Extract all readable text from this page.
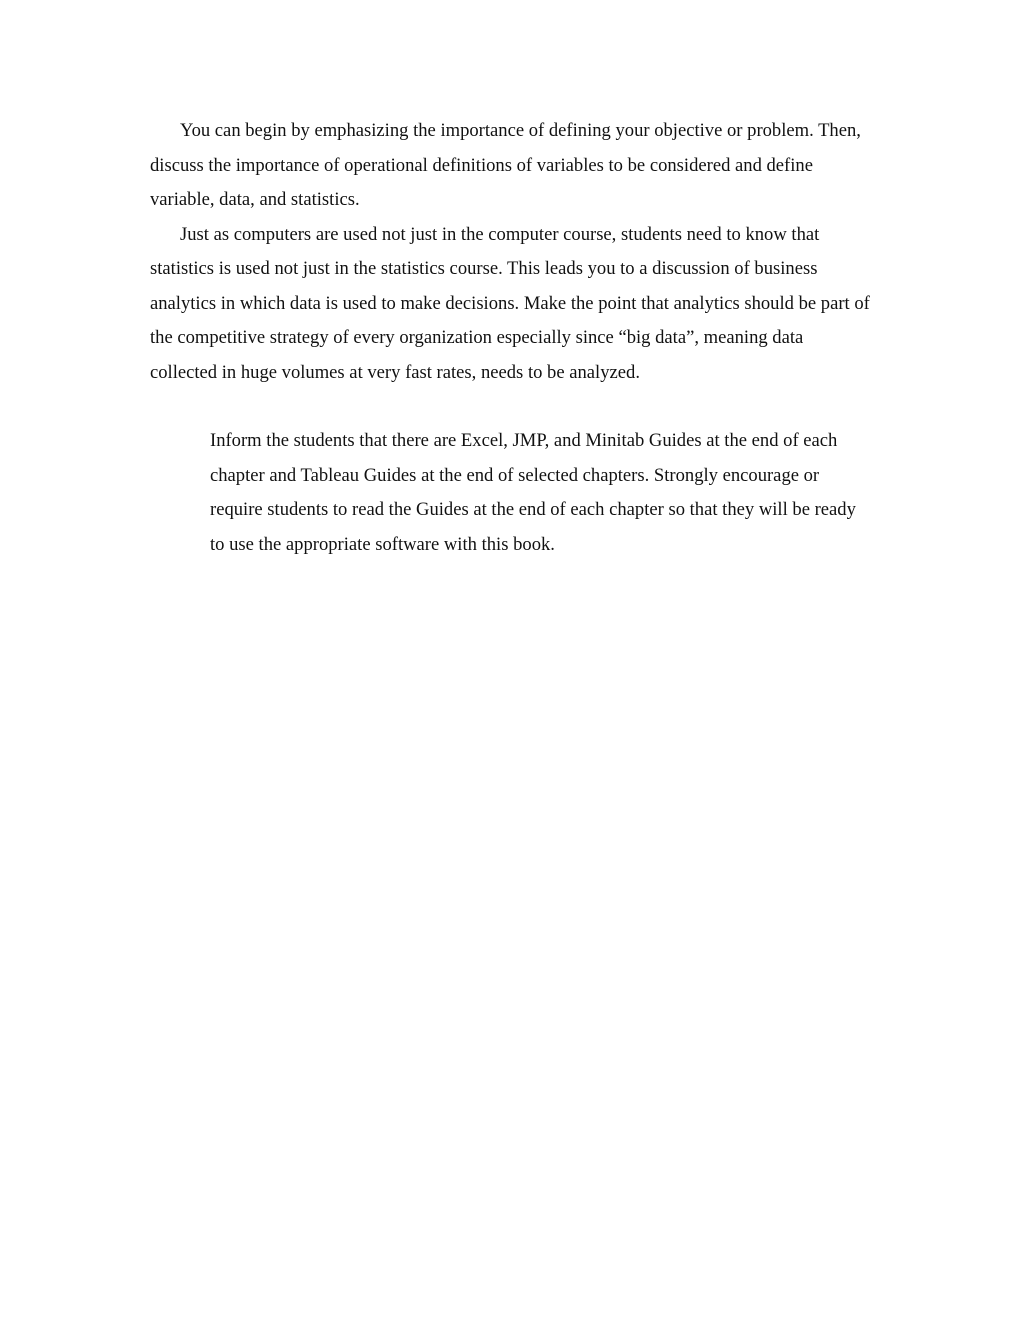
You can begin by emphasizing the importance of defining your objective or problem. Then, discuss the importance of operational definitions of variables to be considered and define variable, data, and statistics.

Just as computers are used not just in the computer course, students need to know that statistics is used not just in the statistics course. This leads you to a discussion of business analytics in which data is used to make decisions. Make the point that analytics should be part of the competitive strategy of every organization especially since “big data”, meaning data collected in huge volumes at very fast rates, needs to be analyzed.

Inform the students that there are Excel, JMP, and Minitab Guides at the end of each chapter and Tableau Guides at the end of selected chapters. Strongly encourage or require students to read the Guides at the end of each chapter so that they will be ready to use the appropriate software with this book.
